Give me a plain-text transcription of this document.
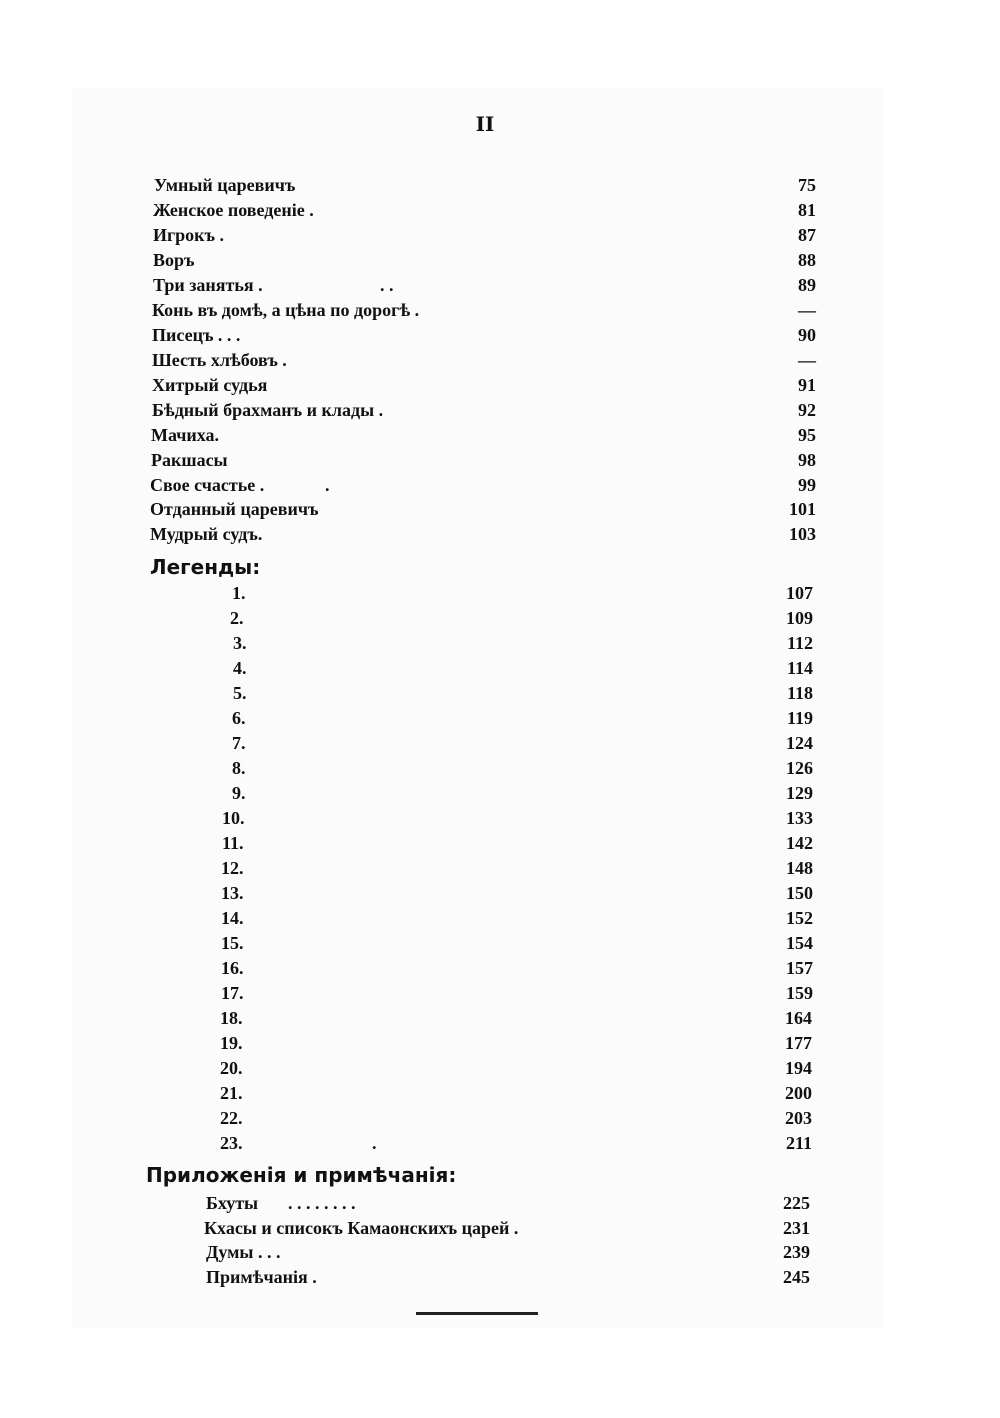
II
Умный царевичъ	75
Женское поведеніе .	81
Игрокъ .	87
Воръ	88
Три занятья .	. .	89
Конь въ домѣ, а цѣна по дорогѣ .	—
Писецъ . . .	90
Шесть хлѣбовъ .	—
Хитрый судья	91
Бѣдный брахманъ и клады .	92
Мачиха.	95
Ракшасы	98
Свое счастье .	.	99
Отданный царевичъ	101
Мудрый судъ.	103
Легенды:
1.	107
2.	109
3.	112
4.	114
5.	118
6.	119
7.	124
8.	126
9.	129
10.	133
11.	142
12.	148
13.	150
14.	152
15.	154
16.	157
17.	159
18.	164
19.	177
20.	194
21.	200
22.	203
23.	.	211
Приложенія и примѣчанія:
Бхуты . . . . . . . .	225
Кхасы и списокъ Камаонскихъ царей .	231
Думы . . .	239
Примѣчанія .	245
